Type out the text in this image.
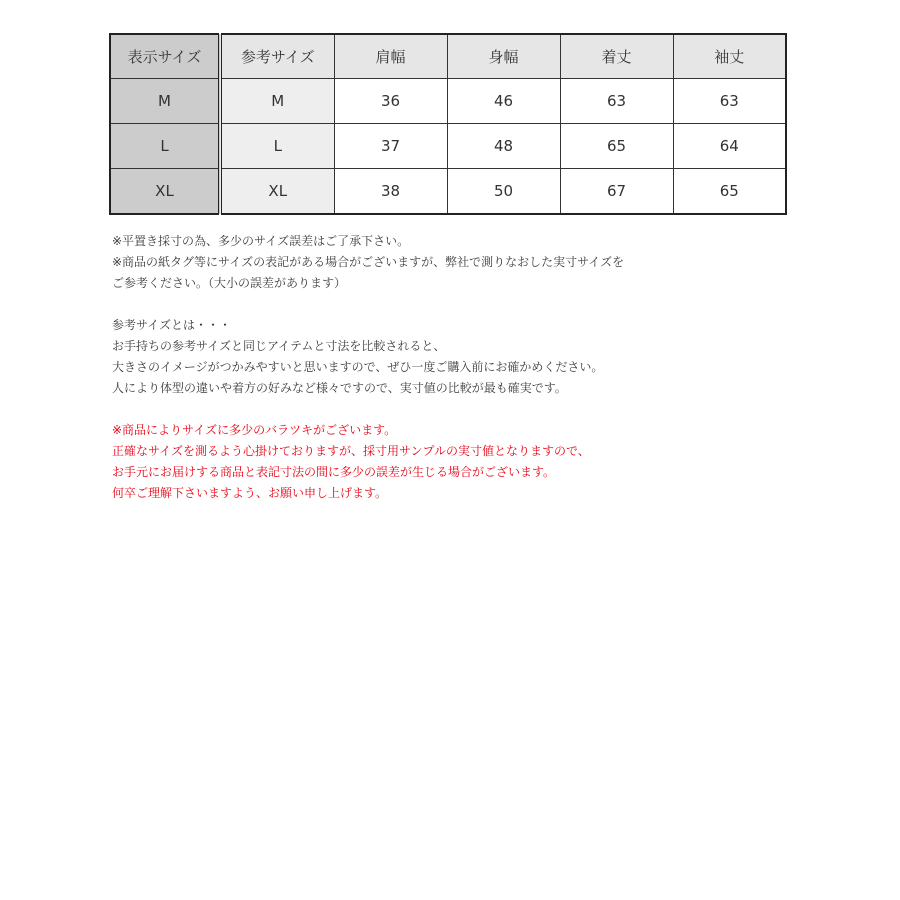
表示サイズ	参考サイズ	肩幅	身幅	着丈	袖丈
M	M	36	46	63	63
L	L	37	48	65	64
XL	XL	38	50	67	65

※平置き採寸の為、多少のサイズ誤差はご了承下さい。

※商品の紙タグ等にサイズの表記がある場合がございますが、弊社で測りなおした実寸サイズを

ご参考ください。（大小の誤差があります）

参考サイズとは・・・

お手持ちの参考サイズと同じアイテムと寸法を比較されると、

大きさのイメージがつかみやすいと思いますので、ぜひ一度ご購入前にお確かめください。

人により体型の違いや着方の好みなど様々ですので、実寸値の比較が最も確実です。

※商品によりサイズに多少のバラツキがございます。

正確なサイズを測るよう心掛けておりますが、採寸用サンプルの実寸値となりますので、

お手元にお届けする商品と表記寸法の間に多少の誤差が生じる場合がございます。

何卒ご理解下さいますよう、お願い申し上げます。
